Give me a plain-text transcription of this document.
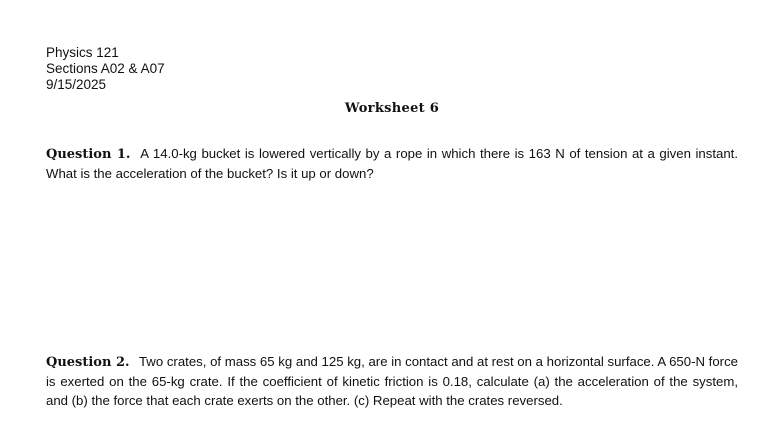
Physics 121
Sections A02 & A07
9/15/2025
Worksheet 6
Question 1. A 14.0-kg bucket is lowered vertically by a rope in which there is 163 N of tension at a given instant. What is the acceleration of the bucket? Is it up or down?
Question 2. Two crates, of mass 65 kg and 125 kg, are in contact and at rest on a horizontal surface. A 650-N force is exerted on the 65-kg crate. If the coefficient of kinetic friction is 0.18, calculate (a) the acceleration of the system, and (b) the force that each crate exerts on the other. (c) Repeat with the crates reversed.
